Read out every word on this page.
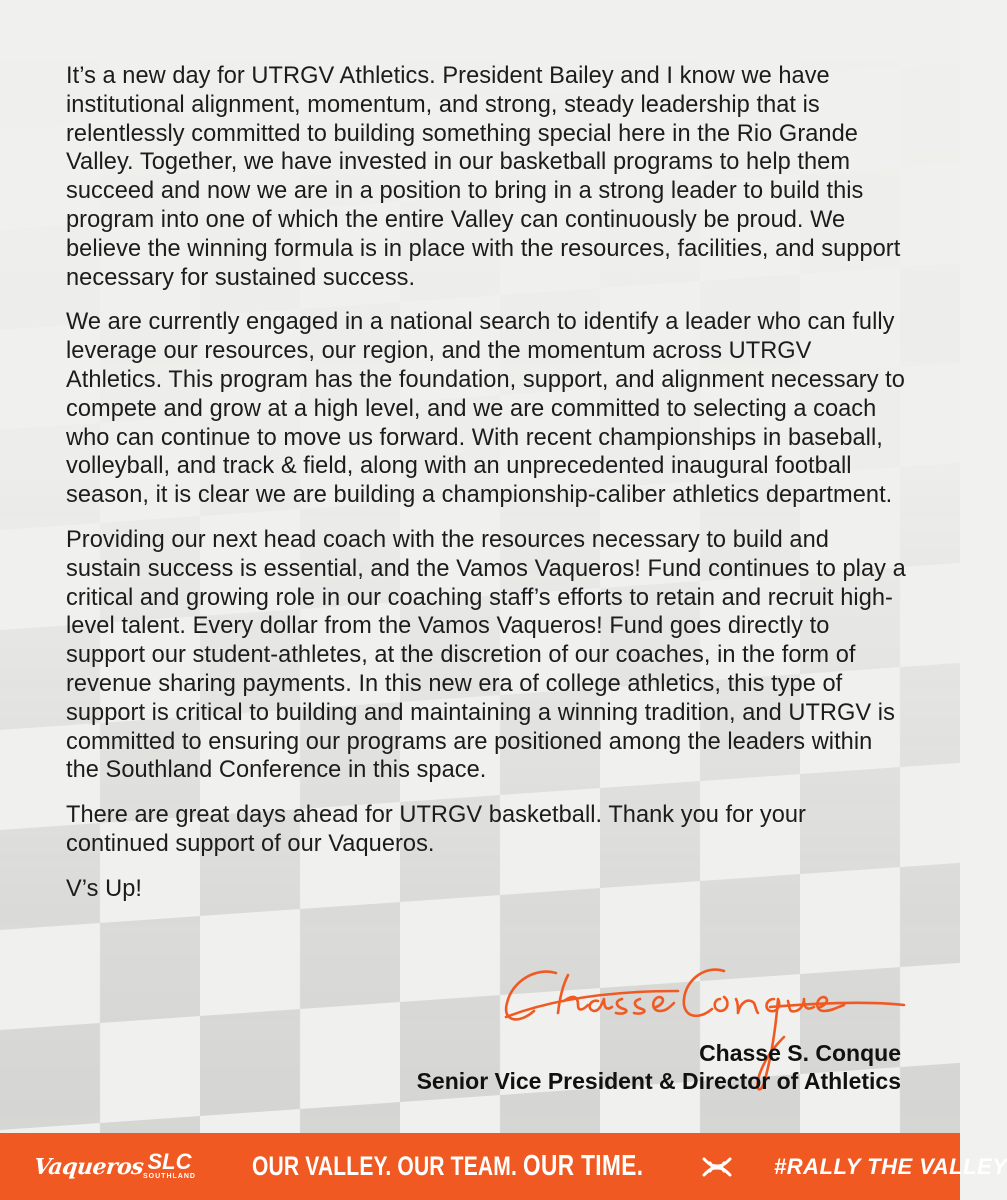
It’s a new day for UTRGV Athletics. President Bailey and I know we have institutional alignment, momentum, and strong, steady leadership that is relentlessly committed to building something special here in the Rio Grande Valley. Together, we have invested in our basketball programs to help them succeed and now we are in a position to bring in a strong leader to build this program into one of which the entire Valley can continuously be proud. We believe the winning formula is in place with the resources, facilities, and support necessary for sustained success.

We are currently engaged in a national search to identify a leader who can fully leverage our resources, our region, and the momentum across UTRGV Athletics. This program has the foundation, support, and alignment necessary to compete and grow at a high level, and we are committed to selecting a coach who can continue to move us forward. With recent championships in baseball, volleyball, and track & field, along with an unprecedented inaugural football season, it is clear we are building a championship-caliber athletics department.

Providing our next head coach with the resources necessary to build and sustain success is essential, and the Vamos Vaqueros! Fund continues to play a critical and growing role in our coaching staff’s efforts to retain and recruit high-level talent. Every dollar from the Vamos Vaqueros! Fund goes directly to support our student-athletes, at the discretion of our coaches, in the form of revenue sharing payments. In this new era of college athletics, this type of support is critical to building and maintaining a winning tradition, and UTRGV is committed to ensuring our programs are positioned among the leaders within the Southland Conference in this space.

There are great days ahead for UTRGV basketball. Thank you for your continued support of our Vaqueros.

V’s Up!

Chasse S. Conque
Senior Vice President & Director of Athletics
Vaqueros SLC
SOUTHLAND OUR VALLEY. OUR TEAM. OUR TIME.	#RALLY THE VALLEY
